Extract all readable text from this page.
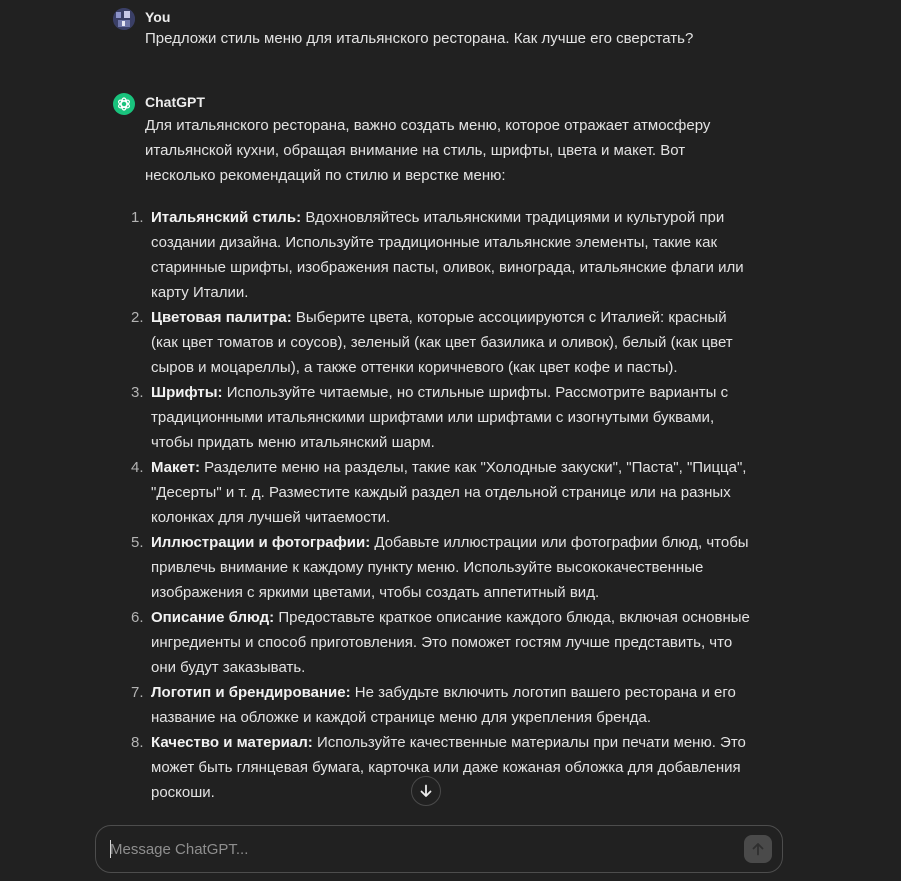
You
Предложи стиль меню для итальянского ресторана. Как лучше его сверстать?
ChatGPT
Для итальянского ресторана, важно создать меню, которое отражает атмосферу итальянской кухни, обращая внимание на стиль, шрифты, цвета и макет. Вот несколько рекомендаций по стилю и верстке меню:
1. Итальянский стиль: Вдохновляйтесь итальянскими традициями и культурой при создании дизайна. Используйте традиционные итальянские элементы, такие как старинные шрифты, изображения пасты, оливок, винограда, итальянские флаги или карту Италии.
2. Цветовая палитра: Выберите цвета, которые ассоциируются с Италией: красный (как цвет томатов и соусов), зеленый (как цвет базилика и оливок), белый (как цвет сыров и моцареллы), а также оттенки коричневого (как цвет кофе и пасты).
3. Шрифты: Используйте читаемые, но стильные шрифты. Рассмотрите варианты с традиционными итальянскими шрифтами или шрифтами с изогнутыми буквами, чтобы придать меню итальянский шарм.
4. Макет: Разделите меню на разделы, такие как "Холодные закуски", "Паста", "Пицца", "Десерты" и т. д. Разместите каждый раздел на отдельной странице или на разных колонках для лучшей читаемости.
5. Иллюстрации и фотографии: Добавьте иллюстрации или фотографии блюд, чтобы привлечь внимание к каждому пункту меню. Используйте высококачественные изображения с яркими цветами, чтобы создать аппетитный вид.
6. Описание блюд: Предоставьте краткое описание каждого блюда, включая основные ингредиенты и способ приготовления. Это поможет гостям лучше представить, что они будут заказывать.
7. Логотип и брендирование: Не забудьте включить логотип вашего ресторана и его название на обложке и каждой странице меню для укрепления бренда.
8. Качество и материал: Используйте качественные материалы при печати меню. Это может быть глянцевая бумага, карточка или даже кожаная обложка для добавления роскоши.
Message ChatGPT...
